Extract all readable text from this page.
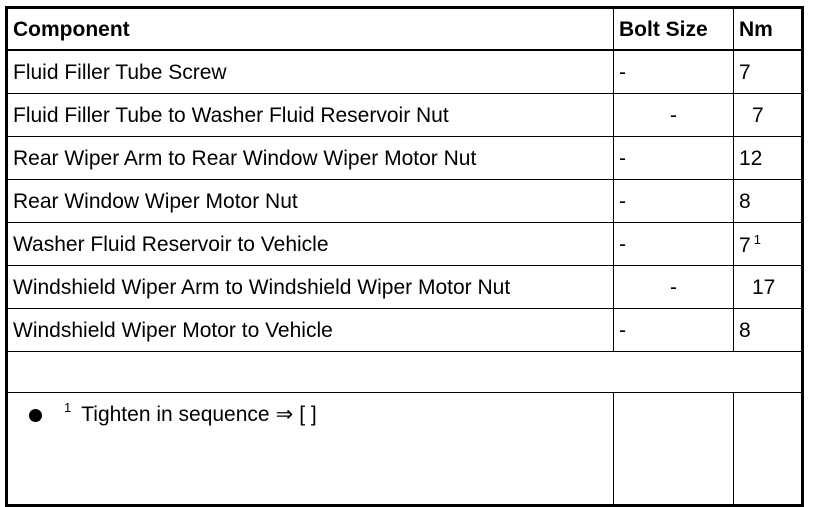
Component	Bolt Size	Nm
Fluid Filler Tube Screw	-	7
Fluid Filler Tube to Washer Fluid Reservoir Nut	-	7
Rear Wiper Arm to Rear Window Wiper Motor Nut	-	12
Rear Window Wiper Motor Nut	-	8
Washer Fluid Reservoir to Vehicle	-	7 $^1$
Windshield Wiper Arm to Windshield Wiper Motor Nut	-	17
Windshield Wiper Motor to Vehicle	-	8

1 Tighten in sequence ⇒ [ ]		
